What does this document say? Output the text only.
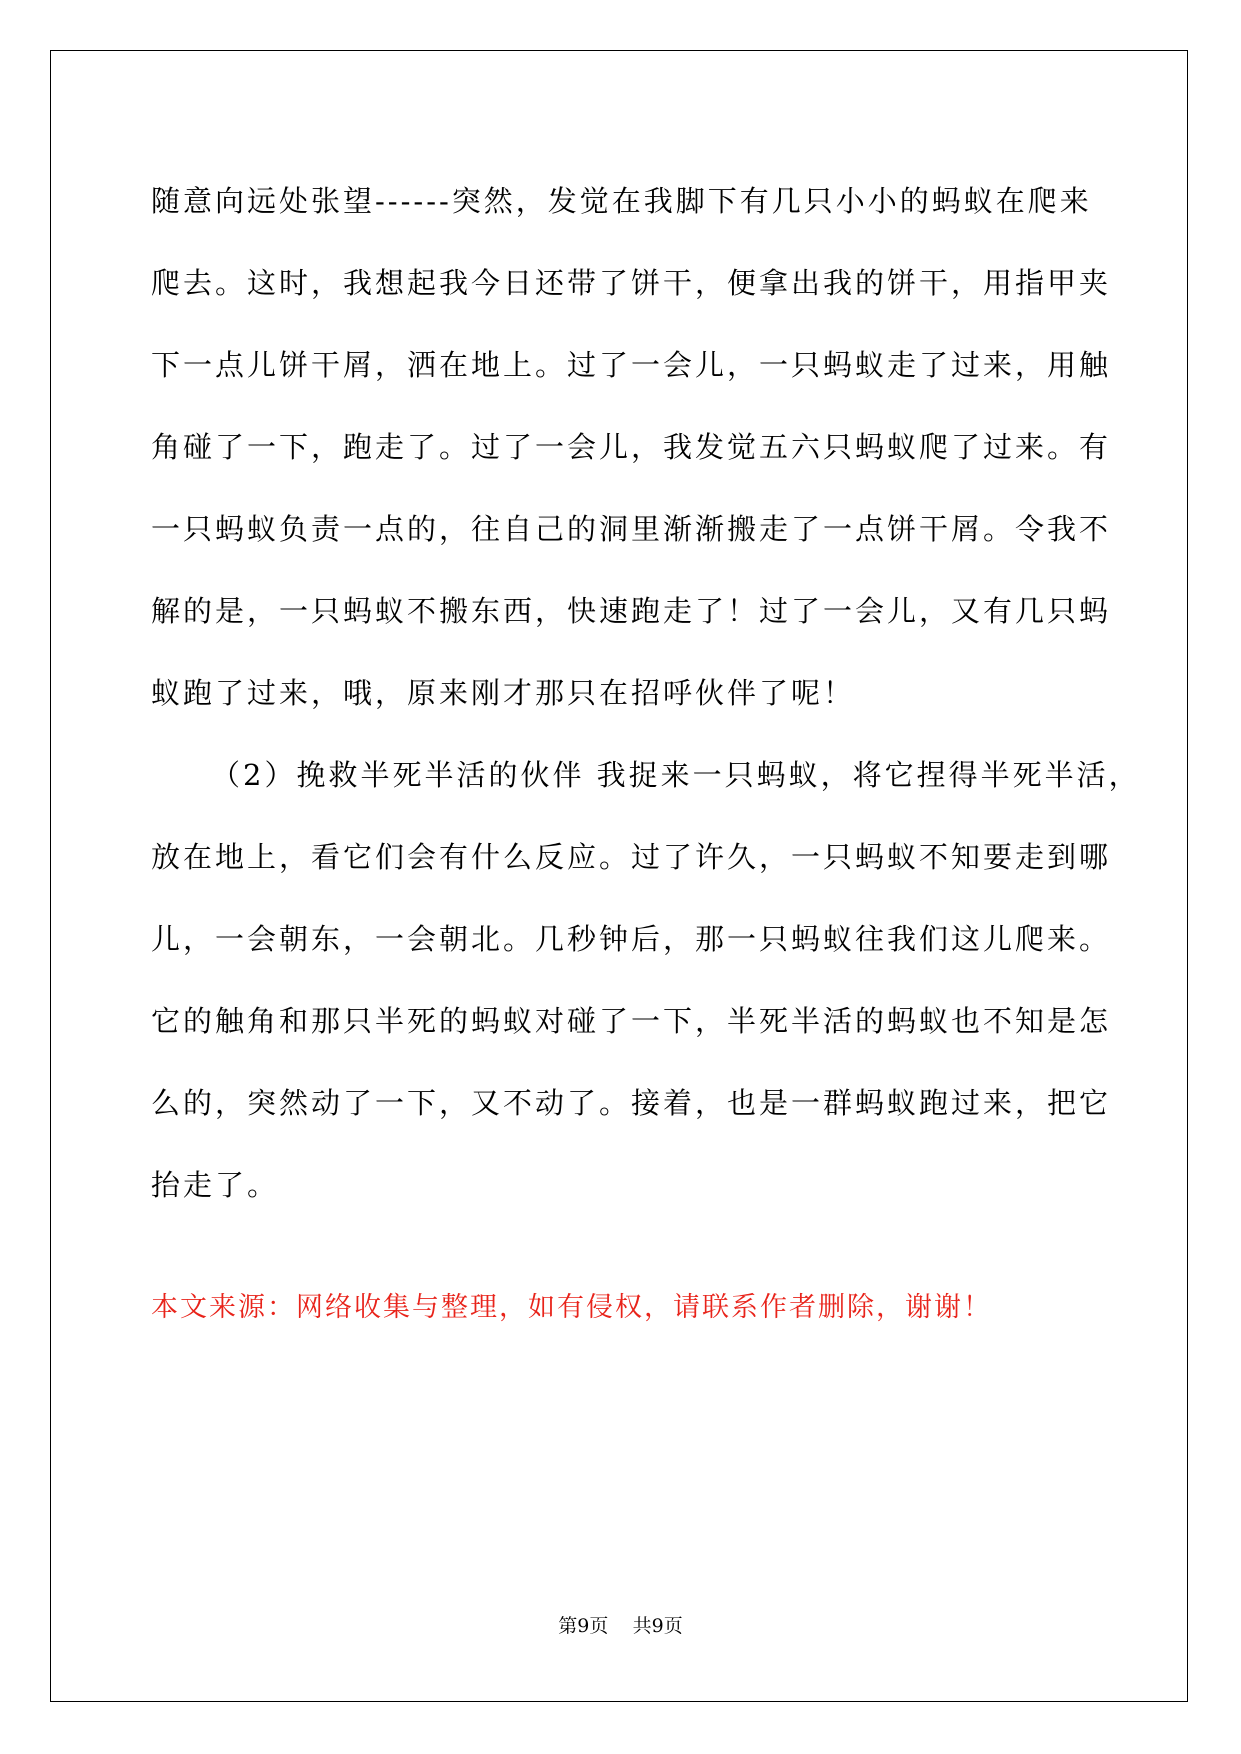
随意向远处张望------突然，发觉在我脚下有几只小小的蚂蚁在爬来
爬去。这时，我想起我今日还带了饼干，便拿出我的饼干，用指甲夹
下一点儿饼干屑，洒在地上。过了一会儿，一只蚂蚁走了过来，用触
角碰了一下，跑走了。过了一会儿，我发觉五六只蚂蚁爬了过来。有
一只蚂蚁负责一点的，往自己的洞里渐渐搬走了一点饼干屑。令我不
解的是，一只蚂蚁不搬东西，快速跑走了！过了一会儿，又有几只蚂
蚁跑了过来，哦，原来刚才那只在招呼伙伴了呢！
（2）挽救半死半活的伙伴 我捉来一只蚂蚁，将它捏得半死半活，
放在地上，看它们会有什么反应。过了许久，一只蚂蚁不知要走到哪
儿，一会朝东，一会朝北。几秒钟后，那一只蚂蚁往我们这儿爬来。
它的触角和那只半死的蚂蚁对碰了一下，半死半活的蚂蚁也不知是怎
么的，突然动了一下，又不动了。接着，也是一群蚂蚁跑过来，把它
抬走了。
本文来源：网络收集与整理，如有侵权，请联系作者删除，谢谢！
第9页 共9页
